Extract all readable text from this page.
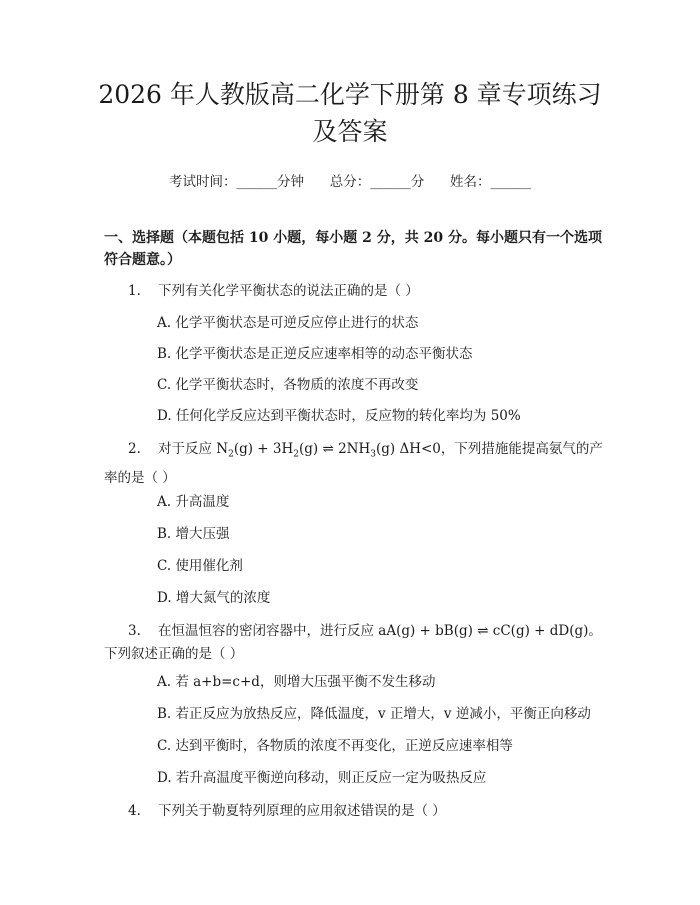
2026 年人教版高二化学下册第 8 章专项练习
及答案
考试时间：______分钟 总分：______分 姓名：______
一、选择题（本题包括 10 小题，每小题 2 分，共 20 分。每小题只有一个选项符合题意。）
1. 下列有关化学平衡状态的说法正确的是（ ）
A. 化学平衡状态是可逆反应停止进行的状态
B. 化学平衡状态是正逆反应速率相等的动态平衡状态
C. 化学平衡状态时，各物质的浓度不再改变
D. 任何化学反应达到平衡状态时，反应物的转化率均为 50%
2. 对于反应 $N_2(g) + 3H_2(g)$ ⇌ $2NH_3(g)$ ΔH<0，下列措施能提高氨气的产率的是（ ）
A. 升高温度
B. 增大压强
C. 使用催化剂
D. 增大氮气的浓度
3. 在恒温恒容的密闭容器中，进行反应 aA(g) + bB(g) ⇌ cC(g) + dD(g)。下列叙述正确的是（ ）
A. 若 a+b=c+d，则增大压强平衡不发生移动
B. 若正反应为放热反应，降低温度，v 正增大，v 逆减小，平衡正向移动
C. 达到平衡时，各物质的浓度不再变化，正逆反应速率相等
D. 若升高温度平衡逆向移动，则正反应一定为吸热反应
4. 下列关于勒夏特列原理的应用叙述错误的是（ ）
